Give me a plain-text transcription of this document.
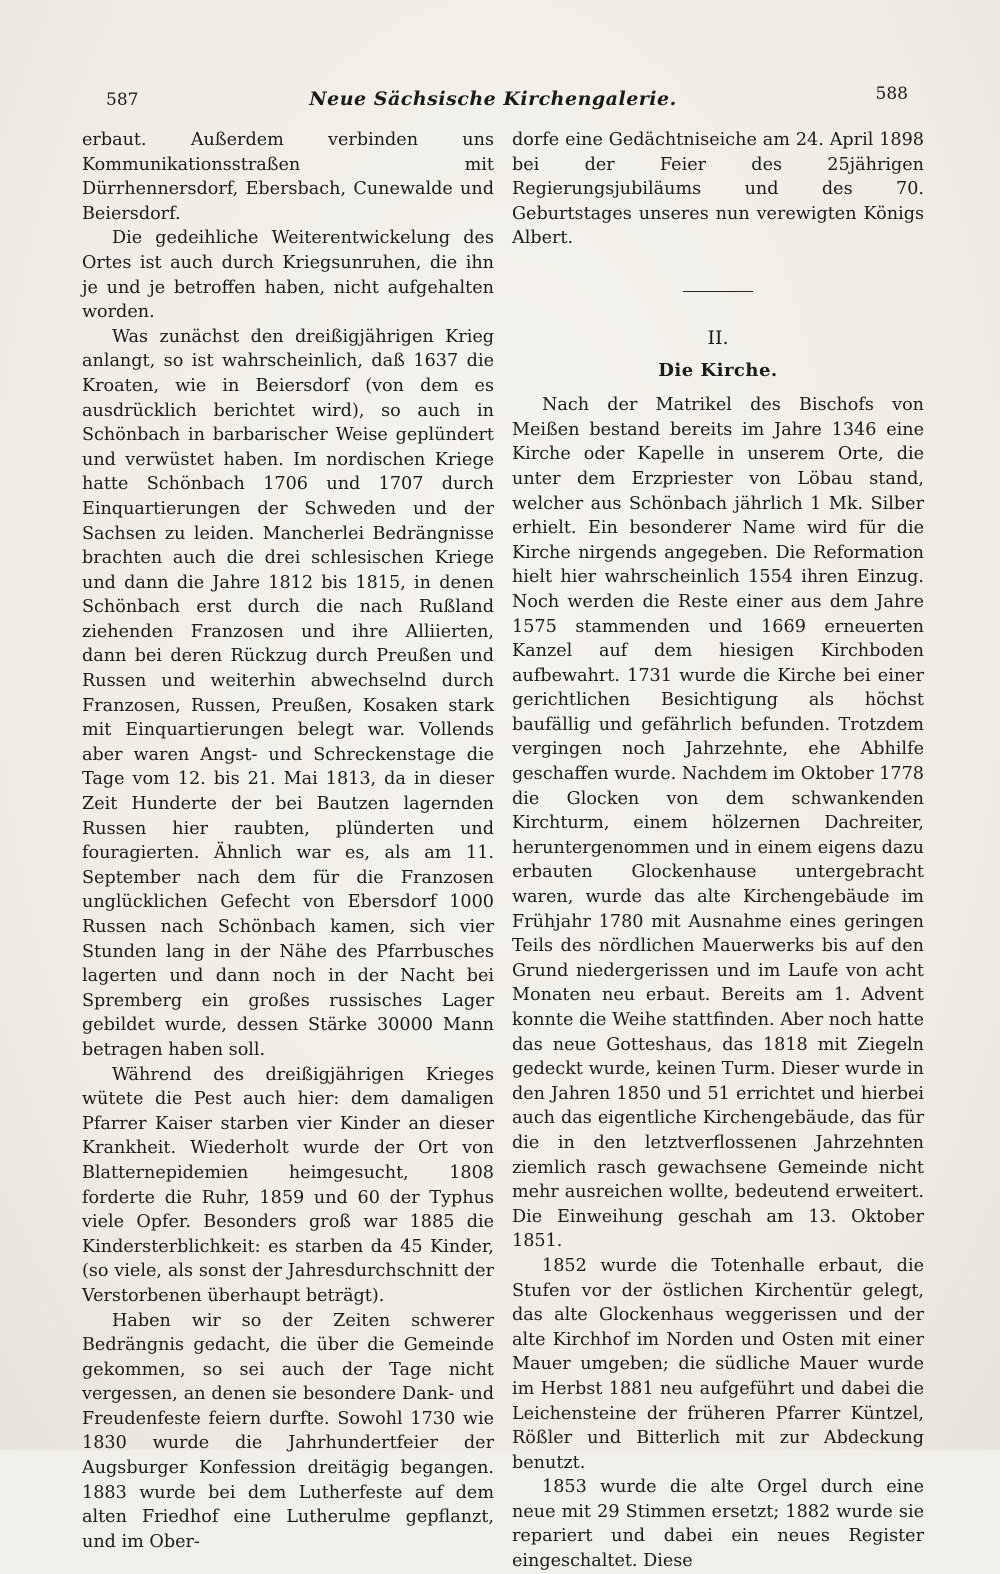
587	Neue Sächsische Kirchengalerie.	588

erbaut. Außerdem verbinden uns Kommunikationsstraßen mit Dürrhennersdorf, Ebersbach, Cunewalde und Beiersdorf.

Die gedeihliche Weiterentwickelung des Ortes ist auch durch Kriegsunruhen, die ihn je und je betroffen haben, nicht aufgehalten worden.

Was zunächst den dreißigjährigen Krieg anlangt, so ist wahrscheinlich, daß 1637 die Kroaten, wie in Beiersdorf (von dem es ausdrücklich berichtet wird), so auch in Schönbach in barbarischer Weise geplündert und verwüstet haben. Im nordischen Kriege hatte Schönbach 1706 und 1707 durch Einquartierungen der Schweden und der Sachsen zu leiden. Mancherlei Bedrängnisse brachten auch die drei schlesischen Kriege und dann die Jahre 1812 bis 1815, in denen Schönbach erst durch die nach Rußland ziehenden Franzosen und ihre Alliierten, dann bei deren Rückzug durch Preußen und Russen und weiterhin abwechselnd durch Franzosen, Russen, Preußen, Kosaken stark mit Einquartierungen belegt war. Vollends aber waren Angst- und Schreckenstage die Tage vom 12. bis 21. Mai 1813, da in dieser Zeit Hunderte der bei Bautzen lagernden Russen hier raubten, plünderten und fouragierten. Ähnlich war es, als am 11. September nach dem für die Franzosen unglücklichen Gefecht von Ebersdorf 1000 Russen nach Schönbach kamen, sich vier Stunden lang in der Nähe des Pfarrbusches lagerten und dann noch in der Nacht bei Spremberg ein großes russisches Lager gebildet wurde, dessen Stärke 30000 Mann betragen haben soll.

Während des dreißigjährigen Krieges wütete die Pest auch hier: dem damaligen Pfarrer Kaiser starben vier Kinder an dieser Krankheit. Wiederholt wurde der Ort von Blatternepidemien heimgesucht, 1808 forderte die Ruhr, 1859 und 60 der Typhus viele Opfer. Besonders groß war 1885 die Kindersterblichkeit: es starben da 45 Kinder, (so viele, als sonst der Jahresdurchschnitt der Verstorbenen überhaupt beträgt).

Haben wir so der Zeiten schwerer Bedrängnis gedacht, die über die Gemeinde gekommen, so sei auch der Tage nicht vergessen, an denen sie besondere Dank- und Freudenfeste feiern durfte. Sowohl 1730 wie 1830 wurde die Jahrhundertfeier der Augsburger Konfession dreitägig begangen. 1883 wurde bei dem Lutherfeste auf dem alten Friedhof eine Lutherulme gepflanzt, und im Ober-

dorfe eine Gedächtniseiche am 24. April 1898 bei der Feier des 25jährigen Regierungsjubiläums und des 70. Geburtstages unseres nun verewigten Königs Albert.

II.
Die Kirche.

Nach der Matrikel des Bischofs von Meißen bestand bereits im Jahre 1346 eine Kirche oder Kapelle in unserem Orte, die unter dem Erzpriester von Löbau stand, welcher aus Schönbach jährlich 1 Mk. Silber erhielt. Ein besonderer Name wird für die Kirche nirgends angegeben. Die Reformation hielt hier wahrscheinlich 1554 ihren Einzug. Noch werden die Reste einer aus dem Jahre 1575 stammenden und 1669 erneuerten Kanzel auf dem hiesigen Kirchboden aufbewahrt. 1731 wurde die Kirche bei einer gerichtlichen Besichtigung als höchst baufällig und gefährlich befunden. Trotzdem vergingen noch Jahrzehnte, ehe Abhilfe geschaffen wurde. Nachdem im Oktober 1778 die Glocken von dem schwankenden Kirchturm, einem hölzernen Dachreiter, heruntergenommen und in einem eigens dazu erbauten Glockenhause untergebracht waren, wurde das alte Kirchengebäude im Frühjahr 1780 mit Ausnahme eines geringen Teils des nördlichen Mauerwerks bis auf den Grund niedergerissen und im Laufe von acht Monaten neu erbaut. Bereits am 1. Advent konnte die Weihe stattfinden. Aber noch hatte das neue Gotteshaus, das 1818 mit Ziegeln gedeckt wurde, keinen Turm. Dieser wurde in den Jahren 1850 und 51 errichtet und hierbei auch das eigentliche Kirchengebäude, das für die in den letztverflossenen Jahrzehnten ziemlich rasch gewachsene Gemeinde nicht mehr ausreichen wollte, bedeutend erweitert. Die Einweihung geschah am 13. Oktober 1851.

1852 wurde die Totenhalle erbaut, die Stufen vor der östlichen Kirchentür gelegt, das alte Glockenhaus weggerissen und der alte Kirchhof im Norden und Osten mit einer Mauer umgeben; die südliche Mauer wurde im Herbst 1881 neu aufgeführt und dabei die Leichensteine der früheren Pfarrer Küntzel, Rößler und Bitterlich mit zur Abdeckung benutzt.

1853 wurde die alte Orgel durch eine neue mit 29 Stimmen ersetzt; 1882 wurde sie repariert und dabei ein neues Register eingeschaltet. Diese
